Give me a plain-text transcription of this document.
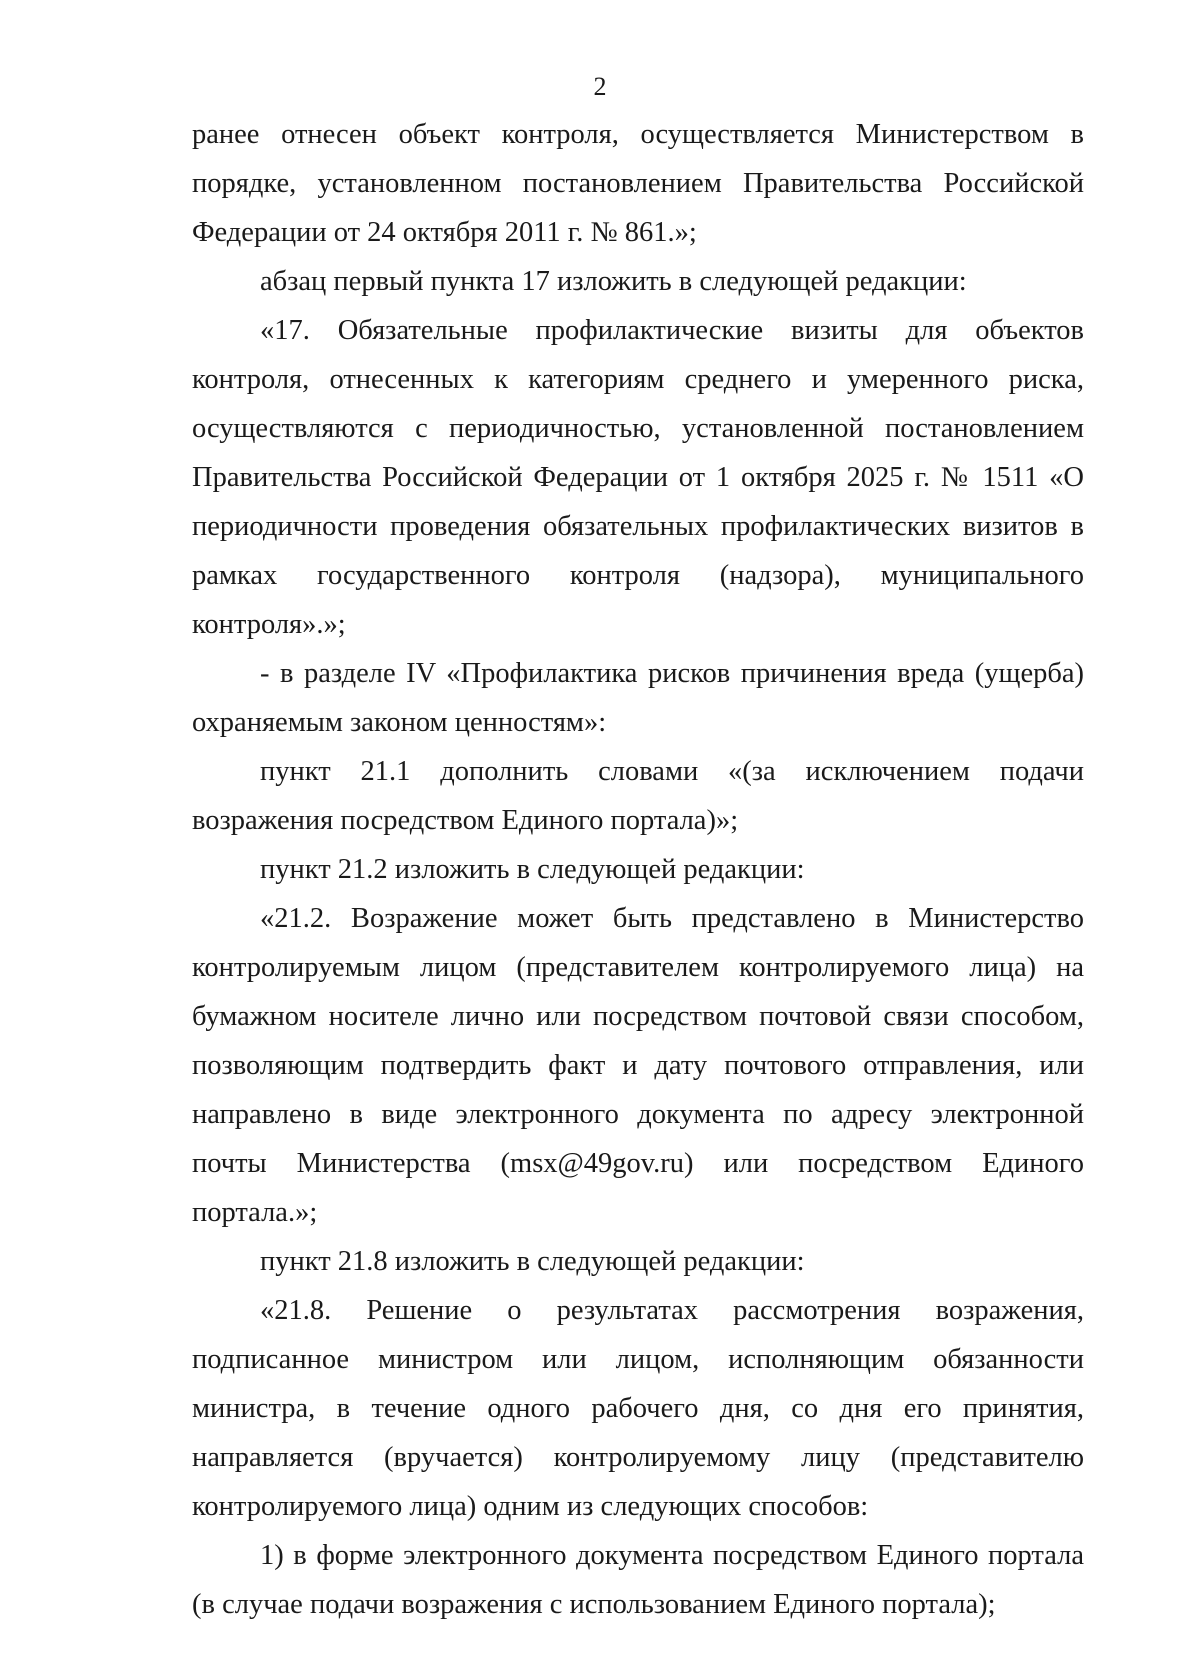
2

ранее отнесен объект контроля, осуществляется Министерством в порядке, установленном постановлением Правительства Российской Федерации от 24 октября 2011 г. № 861.»;

абзац первый пункта 17 изложить в следующей редакции:

«17. Обязательные профилактические визиты для объектов контроля, отнесенных к категориям среднего и умеренного риска, осуществляются с периодичностью, установленной постановлением Правительства Российской Федерации от 1 октября 2025 г. № 1511 «О периодичности проведения обязательных профилактических визитов в рамках государственного контроля (надзора), муниципального контроля».»;

- в разделе IV «Профилактика рисков причинения вреда (ущерба) охраняемым законом ценностям»:

пункт 21.1 дополнить словами «(за исключением подачи возражения посредством Единого портала)»;

пункт 21.2 изложить в следующей редакции:

«21.2. Возражение может быть представлено в Министерство контролируемым лицом (представителем контролируемого лица) на бумажном носителе лично или посредством почтовой связи способом, позволяющим подтвердить факт и дату почтового отправления, или направлено в виде электронного документа по адресу электронной почты Министерства (msx@49gov.ru) или посредством Единого портала.»;

пункт 21.8 изложить в следующей редакции:

«21.8. Решение о результатах рассмотрения возражения, подписанное министром или лицом, исполняющим обязанности министра, в течение одного рабочего дня, со дня его принятия, направляется (вручается) контролируемому лицу (представителю контролируемого лица) одним из следующих способов:

1) в форме электронного документа посредством Единого портала (в случае подачи возражения с использованием Единого портала);
